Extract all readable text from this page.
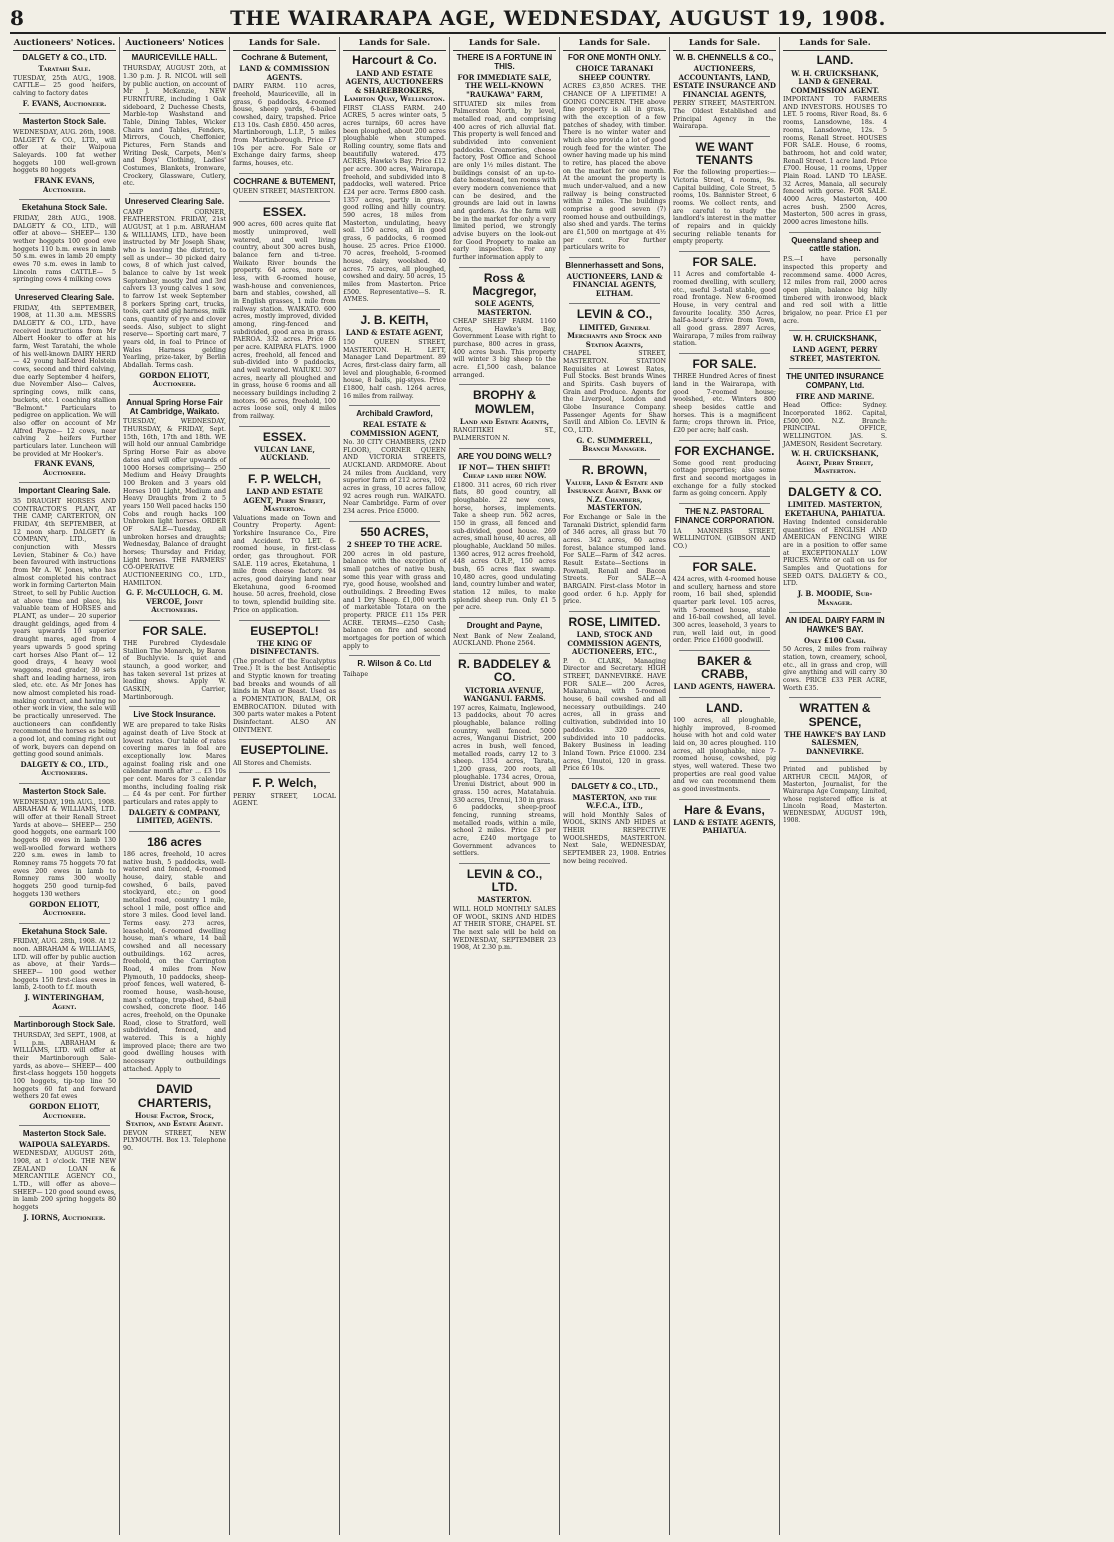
8	THE WAIRARAPA AGE, WEDNESDAY, AUGUST 19, 1908.
Auctioneers' Notices.
DALGETY & CO., LTD.
Taratahi Sale.
TUESDAY, 25th AUG., 1908. CATTLE— 25 good heifers, calving to factory dates
F. EVANS, Auctioneer.
Masterton Stock Sale.
WEDNESDAY, AUG. 26th, 1908. DALGETY & CO., LTD., will offer at their Waipoua Saleyards. 100 fat wether hoggets 100 well-grown hoggets 80 hoggets
FRANK EVANS, Auctioneer.
Eketahuna Stock Sale.
FRIDAY, 28th AUG., 1908. DALGETY & CO., LTD., will offer at above— SHEEP— 130 wether hoggets 100 good ewe hoggets 110 b.m. ewes in lamb 50 s.m. ewes in lamb 20 empty ewes 70 s.m. ewes in lamb to Lincoln rams CATTLE— 5 springing cows 4 milking cows
Unreserved Clearing Sale.
FRIDAY, 4th SEPTEMBER, 1908, at 11.30 a.m. MESSRS DALGETY & CO., LTD., have received instructions from Mr Albert Hooker to offer at his farm, West Taratahi, the whole of his well-known DAIRY HERD— 42 young half-bred Holstein cows, second and third calving, due early September 4 heifers, due November Also— Calves, springing cows, milk cans, buckets, etc. 1 coaching stallion "Belmont." Particulars to pedigree on application. We will also offer on account of Mr Alfred Payne— 12 cows, near calving 2 heifers Further particulars later. Luncheon will be provided at Mr Hooker's.
FRANK EVANS, Auctioneer.
Important Clearing Sale.
35 DRAUGHT HORSES AND CONTRACTOR'S PLANT, AT THE CAMP, CARTERTON, ON FRIDAY, 4th SEPTEMBER, at 12 noon sharp. DALGETY & COMPANY, LTD., (in conjunction with Messrs Levien, Stabiner & Co.) have been favoured with instructions from Mr A. W. Jones, who has almost completed his contract work in forming Carterton Main Street, to sell by Public Auction at above time and place, his valuable team of HORSES and PLANT, as under— 20 superior draught geldings, aged from 4 years upwards 10 superior draught mares, aged from 4 years upwards 5 good spring cart horses Also Plant of— 12 good drays, 4 heavy wool waggons, road grader, 30 sets shaft and leading harness, iron sled, etc. etc. As Mr Jones has now almost completed his road-making contract, and having no other work in view, the sale will be practically unreserved. The auctioneers can confidently recommend the horses as being a good lot, and coming right out of work, buyers can depend on getting good sound animals.
DALGETY & CO., LTD., Auctioneers.
Masterton Stock Sale.
WEDNESDAY, 19th AUG., 1908. ABRAHAM & WILLIAMS, LTD. will offer at their Renall Street Yards at above— SHEEP— 250 good hoggets, one earmark 100 hoggets 80 ewes in lamb 130 well-woolled forward wethers 220 s.m. ewes in lamb to Romney rams 75 hoggets 70 fat ewes 200 ewes in lamb to Romney rams 300 woolly hoggets 250 good turnip-fed hoggets 130 wethers
GORDON ELIOTT, Auctioneer.
Eketahuna Stock Sale.
FRIDAY, AUG. 28th, 1908. At 12 noon. ABRAHAM & WILLIAMS, LTD. will offer by public auction as above, at their Yards— SHEEP— 100 good wether hoggets 150 first-class ewes in lamb, 2-tooth to f.f. mouth
J. WINTERINGHAM, Agent.
Martinborough Stock Sale.
THURSDAY, 3rd SEPT., 1908, at 1 p.m. ABRAHAM & WILLIAMS, LTD. will offer at their Martinborough Sale-yards, as above— SHEEP— 400 first-class hoggets 150 hoggets 100 hoggets, tip-top line 50 hoggets 60 fat and forward wethers 20 fat ewes
GORDON ELIOTT, Auctioneer.
Masterton Stock Sale.
WAIPOUA SALEYARDS.
WEDNESDAY, AUGUST 26th, 1908, at 1 o'clock. THE NEW ZEALAND LOAN & MERCANTILE AGENCY CO., L.TD., will offer as above— SHEEP— 120 good sound ewes, in lamb 200 spring hoggets 80 hoggets
J. IORNS, Auctioneer.
Auctioneers' Notices
MAURICEVILLE HALL.
THURSDAY, AUGUST 20th, at 1.30 p.m. J. R. NICOL will sell by public auction, on account of Mr J. McKenzie, NEW FURNITURE, including 1 Oak sideboard, 2 Duchesse Chests, Marble-top Washstand and Table, Dining Tables, Wicker Chairs and Tables, Fenders, Mirrors, Couch, Cheffonier, Pictures, Fern Stands and Writing Desk, Carpets, Men's and Boys' Clothing, Ladies' Costumes, Blankets, Ironware, Crockery, Glassware, Cutlery, etc.
Unreserved Clearing Sale.
CAMP CORNER, FEATHERSTON. FRIDAY, 21st AUGUST, at 1 p.m. ABRAHAM & WILLIAMS, LTD., have been instructed by Mr Joseph Shaw, who is leaving the district, to sell as under— 30 picked dairy cows, 8 of which just calved, balance to calve by 1st week September, mostly 2nd and 3rd calvers 13 young calves 1 sow, to farrow 1st week September 8 porkers Spring cart, trucks, tools, cart and gig harness, milk cans, quantity of rye and clover seeds. Also, subject to slight reserve— Sporting cart mare, 7 years old, in foal to Prince of Wales Harness gelding Yearling, prize-taker, by Berlin Abdallah. Terms cash.
GORDON ELIOTT, Auctioneer.
Annual Spring Horse Fair At Cambridge, Waikato.
TUESDAY, WEDNESDAY, THURSDAY, & FRIDAY, Sept. 15th, 16th, 17th and 18th. WE will hold our annual Cambridge Spring Horse Fair as above dates and will offer upwards of 1000 Horses comprising— 250 Medium and Heavy Draughts 100 Broken and 3 years old Horses 100 Light, Medium and Heavy Draughts from 2 to 5 years 150 Well paced hacks 150 Cobs and rough hacks 100 Unbroken light horses. ORDER OF SALE—Tuesday, all unbroken horses and draughts; Wednesday, Balance of draught horses; Thursday and Friday, Light horses. THE FARMERS' CO-OPERATIVE AUCTIONEERING CO., LTD., HAMILTON.
G. F. McCULLOCH, G. M. VERCOE, Joint Auctioneers.
FOR SALE.
THE Purebred Clydesdale Stallion The Monarch, by Baron of Buchlyvie. Is quiet and staunch, a good worker, and has taken several 1st prizes at leading shows. Apply W. GASKIN, Carrier, Martinborough.
Live Stock Insurance.
WE are prepared to take Risks against death of Live Stock at lowest rates. Our table of rates covering mares in foal are exceptionally low. Mares against foaling risk and one calendar month after ... £3 10s per cent. Mares for 3 calendar months, including foaling risk ... £4 4s per cent. For further particulars and rates apply to
DALGETY & COMPANY, LIMITED, AGENTS.
186 acres
186 acres, freehold, 10 acres native bush, 5 paddocks, well-watered and fenced, 4-roomed house, dairy, stable and cowshed, 6 bails, paved stockyard, etc.; on good metalled road, country 1 mile, school 1 mile, post office and store 3 miles. Good level land. Terms easy. 273 acres, leasehold, 6-roomed dwelling house, man's whare, 14 bail cowshed and all necessary outbuildings. 162 acres, freehold, on the Carrington Road, 4 miles from New Plymouth, 10 paddocks, sheep-proof fences, well watered, 6-roomed house, wash-house, man's cottage, trap-shed, 8-bail cowshed, concrete floor. 146 acres, freehold, on the Opunake Road, close to Stratford, well subdivided, fenced, and watered. This is a highly improved place; there are two good dwelling houses with necessary outbuildings attached. Apply to
DAVID CHARTERIS,
House Factor, Stock, Station, and Estate Agent.
DEVON STREET, NEW PLYMOUTH. Box 13. Telephone 90.
Lands for Sale.
Cochrane & Butement,
LAND & COMMISSION AGENTS.
DAIRY FARM. 110 acres, freehold, Mauriceville, all in grass, 6 paddocks, 4-roomed house, sheep yards, 6-bailed cowshed, dairy, trapshed. Price £13 10s. Cash £850. 450 acres, Martinborough, L.I.P., 5 miles from Martinborough. Price £7 10s per acre. For Sale or Exchange dairy farms, sheep farms, houses, etc.
COCHRANE & BUTEMENT,
QUEEN STREET, MASTERTON.
ESSEX.
900 acres, 600 acres quite flat mostly unimproved, well watered, and well living country, about 300 acres bush, balance fern and ti-tree. Waikato River bounds the property. 64 acres, more or less, with 6-roomed house, wash-house and conveniences, barn and stables, cowshed, all in English grasses, 1 mile from railway station. WAIKATO. 600 acres, mostly improved, divided among, ring-fenced and subdivided, good area in grass. PAEROA. 332 acres. Price £6 per acre. KAIPARA FLATS. 1900 acres, freehold, all fenced and sub-divided into 9 paddocks, and well watered. WAIUKU. 307 acres, nearly all ploughed and in grass, house 6 rooms and all necessary buildings including 2 motors. 96 acres, freehold, 100 acres loose soil, only 4 miles from railway.
ESSEX.
VULCAN LANE, AUCKLAND.
F. P. WELCH,
LAND AND ESTATE AGENT, Perry Street, Masterton.
Valuations made on Town and Country Property. Agent: Yorkshire Insurance Co., Fire and Accident. TO LET. 6-roomed house, in first-class order, gas throughout. FOR SALE. 119 acres, Eketahuna, 1 mile from cheese factory. 94 acres, good dairying land near Eketahuna, good 6-roomed house. 50 acres, freehold, close to town, splendid building site. Price on application.
EUSEPTOL!
THE KING OF DISINFECTANTS.
(The product of the Eucalyptus Tree.) It is the best Antiseptic and Styptic known for treating bad breaks and wounds of all kinds in Man or Beast. Used as a FOMENTATION, BALM, OR EMBROCATION. Diluted with 300 parts water makes a Potent Disinfectant. ALSO AN OINTMENT.
EUSEPTOLINE.
All Stores and Chemists.
F. P. Welch,
PERRY STREET, LOCAL AGENT.
Lands for Sale.
Harcourt & Co.
LAND AND ESTATE AGENTS, AUCTIONEERS & SHAREBROKERS, Lambton Quay, Wellington.
FIRST CLASS FARM. 240 ACRES, 5 acres winter oats, 5 acres turnips, 60 acres have been ploughed, about 200 acres ploughable when stumped. Rolling country, some flats and beautifully watered. 475 ACRES, Hawke's Bay. Price £12 per acre. 300 acres, Wairarapa, freehold, and subdivided into 8 paddocks, well watered. Price £24 per acre. Terms £800 cash. 1357 acres, partly in grass, good rolling and hilly country. 590 acres, 18 miles from Masterton, undulating, heavy soil. 150 acres, all in good grass, 6 paddocks, 6 roomed house. 25 acres. Price £1000. 70 acres, freehold, 5-roomed house, dairy, woolshed. 40 acres. 75 acres, all ploughed, cowshed and dairy. 50 acres, 15 miles from Masterton. Price £500. Representative—S. R. AYMES.
J. B. KEITH,
LAND & ESTATE AGENT,
150 QUEEN STREET, MASTERTON. H. LETT, Manager Land Department. 89 Acres, first-class dairy farm, all level and ploughable, 6-roomed house, 8 bails, pig-styes. Price £1800, half cash. 1264 acres, 16 miles from railway.
Archibald Crawford,
REAL ESTATE & COMMISSION AGENT,
No. 30 CITY CHAMBERS, (2ND FLOOR), CORNER QUEEN AND VICTORIA STREETS, AUCKLAND. ARDMORE. About 24 miles from Auckland, very superior farm of 212 acres, 102 acres in grass, 10 acres fallow, 92 acres rough run. WAIKATO. Near Cambridge. Farm of over 234 acres. Price £5000.
550 ACRES,
2 SHEEP TO THE ACRE.
200 acres in old pasture, balance with the exception of small patches of native bush, some this year with grass and rye, good house, woolshed and outbuildings. 2 Breeding Ewes and 1 Dry Sheep. £1,000 worth of marketable Totara on the property. PRICE £11 15s PER ACRE. TERMS—£250 Cash; balance on fire and second mortgages for portion of which apply to
R. Wilson & Co. Ltd
Taihape
Lands for Sale.
THERE IS A FORTUNE IN THIS.
FOR IMMEDIATE SALE, THE WELL-KNOWN "RAUKAWA" FARM,
SITUATED six miles from Palmerston North, by level, metalled road, and comprising 400 acres of rich alluvial flat. This property is well fenced and subdivided into convenient paddocks. Creameries, cheese factory, Post Office and School are only 1½ miles distant. The buildings consist of an up-to-date homestead, ten rooms with every modern convenience that can be desired, and the grounds are laid out in lawns and gardens. As the farm will be in the market for only a very limited period, we strongly advise buyers on the look-out for Good Property to make an early inspection. For any further information apply to
Ross & Macgregor,
SOLE AGENTS, MASTERTON.
CHEAP SHEEP FARM. 1160 Acres, Hawke's Bay, Government Lease with right to purchase, 800 acres in grass, 400 acres bush. This property will winter 3 big sheep to the acre. £1,500 cash, balance arranged.
BROPHY & MOWLEM,
Land and Estate Agents,
RANGITIKEI ST., PALMERSTON N.
ARE YOU DOING WELL?
IF NOT— THEN SHIFT! Cheap land here NOW.
£1800. 311 acres, 60 rich river flats, 80 good country, all ploughable. 22 new cows, horse, horses, implements. Take a sheep run. 562 acres, 150 in grass, all fenced and sub-divided, good house. 269 acres, small house, 40 acres, all ploughable, Auckland 50 miles. 1360 acres, 912 acres freehold, 448 acres O.R.P., 150 acres bush, 65 acres flax swamp. 10,480 acres, good undulating land, country lumber and water, station 12 miles, to make splendid sheep run. Only £1 5 per acre.
Drought and Payne,
Next Bank of New Zealand, AUCKLAND. Phone 2564.
R. BADDELEY & CO.
VICTORIA AVENUE, WANGANUI. FARMS.
197 acres, Kaimatu, Inglewood, 13 paddocks, about 70 acres ploughable, balance rolling country, well fenced. 5000 acres, Wanganui District, 200 acres in bush, well fenced, metalled roads, carry 12 to 3 sheep. 1354 acres, Tarata, 1,200 grass, 200 roots, all ploughable. 1734 acres, Oroua, Urenui District, about 900 in grass. 150 acres, Matatahuia. 330 acres, Urenui, 130 in grass. 6 paddocks, sheep-proof fencing, running streams, metalled roads, within a mile, school 2 miles. Price £3 per acre, £240 mortgage to Government advances to settlers.
LEVIN & CO., LTD.
MASTERTON.
WILL HOLD MONTHLY SALES OF WOOL, SKINS AND HIDES AT THEIR STORE, CHAPEL ST. The next sale will be held on WEDNESDAY, SEPTEMBER 23 1908, At 2.30 p.m.
Lands for Sale.
FOR ONE MONTH ONLY.
CHOICE TARANAKI SHEEP COUNTRY.
ACRES £3,850 ACRES. THE CHANCE OF A LIFETIME! A GOING CONCERN. THE above fine property is all in grass, with the exception of a few patches of shadey, with timber. There is no winter water and which also provide a lot of good rough feed for the winter. The owner having made up his mind to retire, has placed the above on the market for one month. At the amount the property is much under-valued, and a new railway is being constructed within 2 miles. The buildings comprise a good seven (7) roomed house and outbuildings, also shed and yards. The terms are £1,500 on mortgage at 4½ per cent. For further particulars write to
Blennerhassett and Sons,
AUCTIONEERS, LAND & FINANCIAL AGENTS, ELTHAM.
LEVIN & CO.,
LIMITED, General Merchants and Stock and Station Agents,
CHAPEL STREET, MASTERTON. STATION Requisites at Lowest Rates, Full Stocks. Best brands Wines and Spirits. Cash buyers of Grain and Produce. Agents for the Liverpool, London and Globe Insurance Company. Passenger Agents for Shaw Savill and Albion Co. LEVIN & CO., LTD.
G. C. SUMMERELL, Branch Manager.
R. BROWN,
Valuer, Land & Estate and Insurance Agent, Bank of N.Z. Chambers, MASTERTON.
For Exchange or Sale in the Taranaki District, splendid farm of 346 acres, all grass but 70 acres. 342 acres, 60 acres forest, balance stumped land. For SALE—Farm of 342 acres. Result Estate—Sections in Pownall, Renall and Bacon Streets. For SALE—A BARGAIN. First-class Motor in good order. 6 h.p. Apply for price.
ROSE, LIMITED.
LAND, STOCK AND COMMISSION AGENTS, AUCTIONEERS, ETC.,
P. O. CLARK, Managing Director and Secretary. HIGH STREET, DANNEVIRKE. HAVE FOR SALE— 200 Acres, Makarahua, with 5-roomed house, 6 bail cowshed and all necessary outbuildings. 240 acres, all in grass and cultivation, subdivided into 10 paddocks. 320 acres, subdivided into 10 paddocks. Bakery Business in leading Inland Town. Price £1000. 234 acres, Umutoi, 120 in grass. Price £6 10s.
DALGETY & CO., LTD.,
MASTERTON, and the W.F.C.A., LTD.,
will hold Monthly Sales of WOOL, SKINS AND HIDES at THEIR RESPECTIVE WOOLSHEDS, MASTERTON. Next Sale, WEDNESDAY, SEPTEMBER 23, 1908. Entries now being received.
Lands for Sale.
W. B. CHENNELLS & CO.,
AUCTIONEERS, ACCOUNTANTS, LAND, ESTATE INSURANCE AND FINANCIAL AGENTS,
PERRY STREET, MASTERTON. The Oldest Established and Principal Agency in the Wairarapa.
WE WANT TENANTS
For the following properties:— Victoria Street, 4 rooms, 9s. Capital building, Cole Street, 5 rooms, 10s. Bannister Street, 6 rooms. We collect rents, and are careful to study the landlord's interest in the matter of repairs and in quickly securing reliable tenants for empty property.
FOR SALE.
11 Acres and comfortable 4-roomed dwelling, with scullery, etc., useful 3-stall stable, good road frontage. New 6-roomed House, in very central and favourite locality. 350 Acres, half-a-hour's drive from Town, all good grass. 2897 Acres, Wairarapa, 7 miles from railway station.
FOR SALE.
THREE Hundred Acres of finest land in the Wairarapa, with good 7-roomed house; woolshed, etc. Winters 800 sheep besides cattle and horses. This is a magnificent farm; crops thrown in. Price, £20 per acre; half cash.
FOR EXCHANGE.
Some good rent producing cottage properties; also some first and second mortgages in exchange for a fully stocked farm as going concern. Apply
THE N.Z. PASTORAL FINANCE CORPORATION.
1A MANNERS STREET, WELLINGTON. (GIBSON AND CO.)
FOR SALE.
424 acres, with 4-roomed house and scullery, harness and store room, 16 bail shed, splendid quarter park level. 105 acres, with 5-roomed house, stable and 16-bail cowshed, all level. 300 acres, leasehold, 3 years to run, well laid out, in good order. Price £1600 goodwill.
BAKER & CRABB,
LAND AGENTS, HAWERA.
LAND.
100 acres, all ploughable, highly improved, 8-roomed house with hot and cold water laid on, 30 acres ploughed. 110 acres, all ploughable, nice 7-roomed house, cowshed, pig styes, well watered. These two properties are real good value and we can recommend them as good investments.
Hare & Evans,
LAND & ESTATE AGENTS, PAHIATUA.
Lands for Sale.
LAND.
W. H. CRUICKSHANK, LAND & GENERAL COMMISSION AGENT.
IMPORTANT TO FARMERS AND INVESTORS. HOUSES TO LET. 5 rooms, River Road, 8s. 6 rooms, Lansdowne, 18s. 4 rooms, Lansdowne, 12s. 5 rooms, Renall Street. HOUSES FOR SALE. House, 6 rooms, bathroom, hot and cold water, Renall Street. 1 acre land. Price £700. House, 11 rooms, Upper Plain Road. LAND TO LEASE. 32 Acres, Manaia, all securely fenced with gorse. FOR SALE. 4000 Acres, Masterton, 400 acres bush. 2500 Acres, Masterton, 500 acres in grass, 2000 acres limestone hills.
Queensland sheep and cattle station.
P.S.—I have personally inspected this property and recommend same. 4000 Acres, 12 miles from rail, 2000 acres open plain, balance big hilly timbered with ironwood, black and red soil with a little brigalow, no pear. Price £1 per acre.
W. H. CRUICKSHANK,
LAND AGENT, PERRY STREET, MASTERTON.
THE UNITED INSURANCE COMPANY, Ltd.
FIRE AND MARINE.
Head Office: Sydney. Incorporated 1862. Capital, £500,000. N.Z. Branch: PRINCIPAL OFFICE, WELLINGTON. JAS. S. JAMESON, Resident Secretary.
W. H. CRUICKSHANK, Agent, Perry Street, Masterton.
DALGETY & CO.
LIMITED. MASTERTON, EKETAHUNA, PAHIATUA.
Having Indented considerable quantities of ENGLISH AND AMERICAN FENCING WIRE are in a position to offer same at EXCEPTIONALLY LOW PRICES. Write or call on us for Samples and Quotations for SEED OATS. DALGETY & CO., LTD.
J. B. MOODIE, Sub-Manager.
AN IDEAL DAIRY FARM IN HAWKE'S BAY.
Only £100 Cash.
50 Acres, 2 miles from railway station, town, creamery, school, etc., all in grass and crop, will give anything and will carry 30 cows. PRICE £33 PER ACRE, Worth £35.
WRATTEN & SPENCE,
THE HAWKE'S BAY LAND SALESMEN, DANNEVIRKE.
Printed and published by ARTHUR CECIL MAJOR, of Masterton, Journalist, for the Wairarapa Age Company, Limited, whose registered office is at Lincoln Road, Masterton. WEDNESDAY, AUGUST 19th, 1908.
